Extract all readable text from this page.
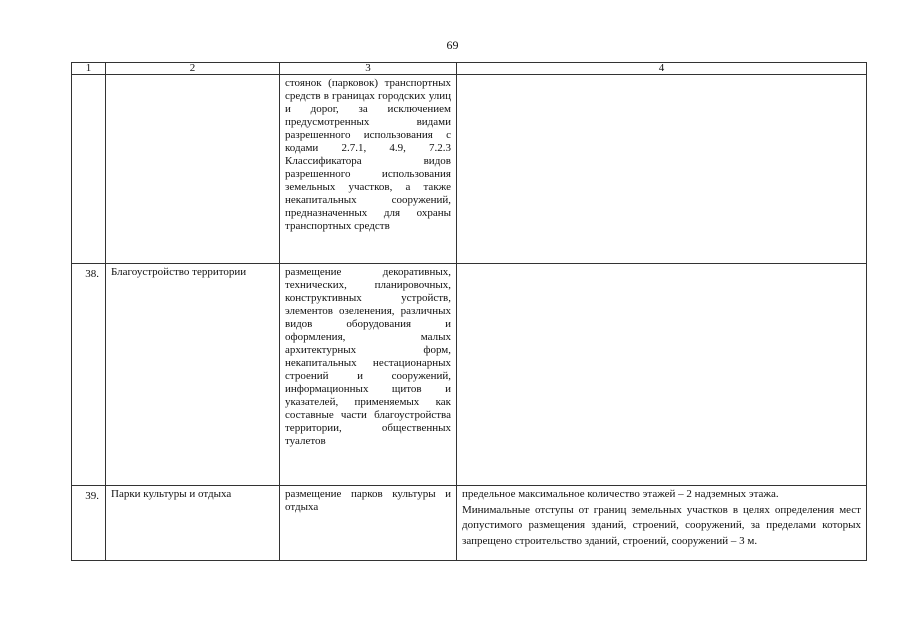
69
1	2	3	4
		стоянок (парковок) транспортных средств в границах городских улиц и дорог, за исключением предусмотренных видами разрешенного использования с кодами 2.7.1, 4.9, 7.2.3 Классификатора видов разрешенного использования земельных участков, а также некапитальных сооружений, предназначенных для охраны транспортных средств	
38.	Благоустройство территории	размещение декоративных, технических, планировочных, конструктивных устройств, элементов озеленения, различных видов оборудования и оформления, малых архитектурных форм, некапитальных нестационарных строений и сооружений, информационных щитов и указателей, применяемых как составные части благоустройства территории, общественных туалетов	
39.	Парки культуры и отдыха	размещение парков культуры и отдыха	предельное максимальное количество этажей – 2 надземных этажа.
Минимальные отступы от границ земельных участков в целях определения мест допустимого размещения зданий, строений, сооружений, за пределами которых запрещено строительство зданий, строений, сооружений – 3 м.
